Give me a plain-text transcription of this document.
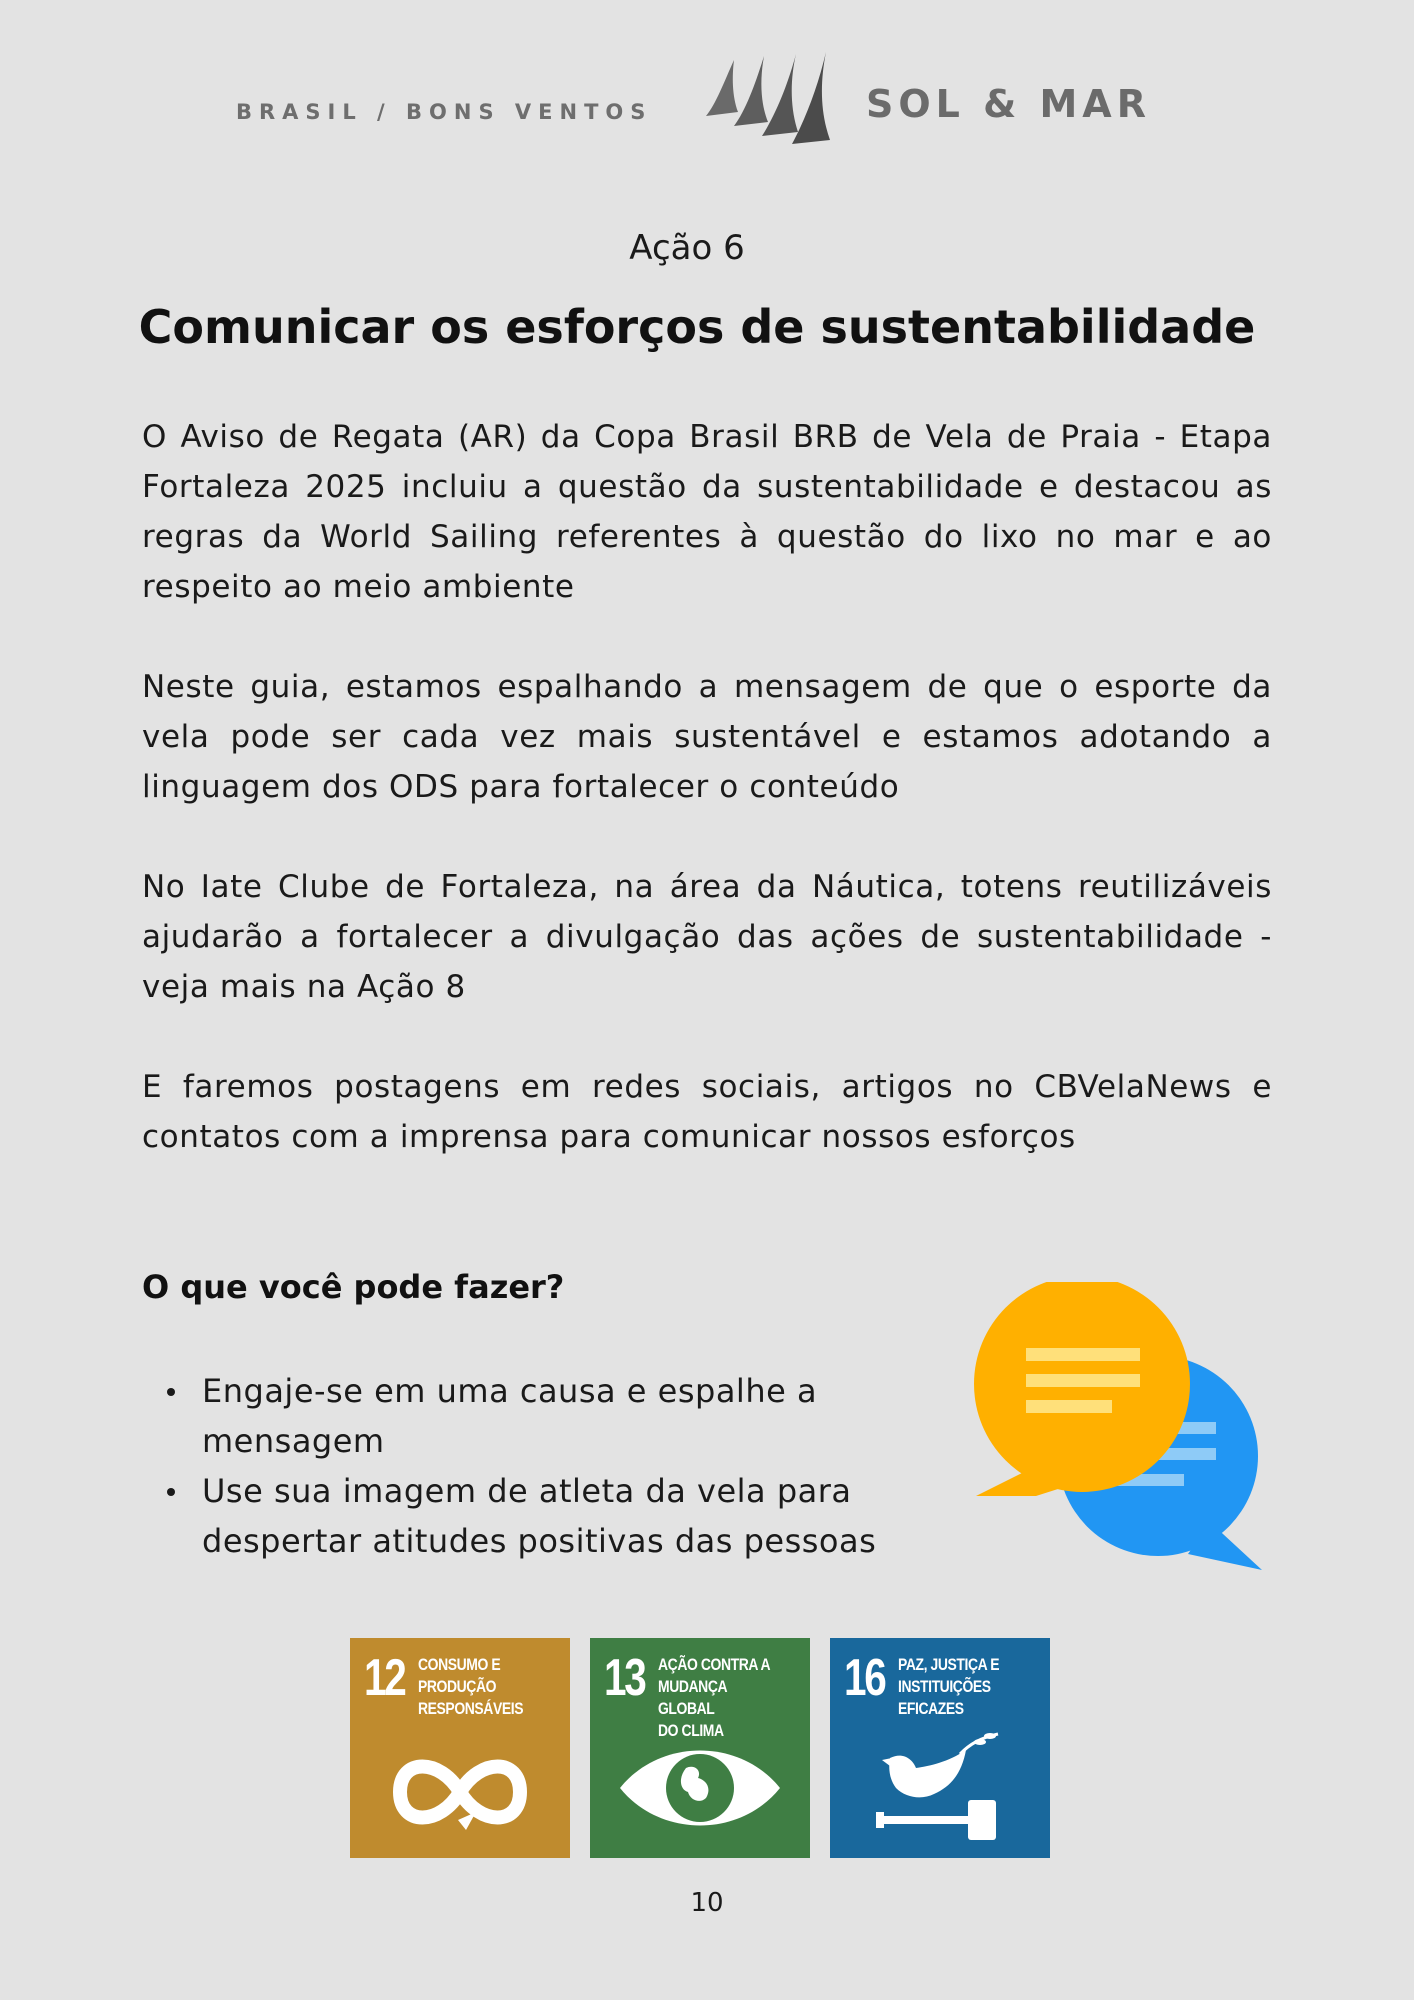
BRASIL / BONS VENTOS	SOL & MAR
Ação 6
Comunicar os esforços de sustentabilidade

O Aviso de Regata (AR) da Copa Brasil BRB de Vela de Praia - Etapa Fortaleza 2025 incluiu a questão da sustentabilidade e destacou as regras da World Sailing referentes à questão do lixo no mar e ao respeito ao meio ambiente

Neste guia, estamos espalhando a mensagem de que o esporte da vela pode ser cada vez mais sustentável e estamos adotando a linguagem dos ODS para fortalecer o conteúdo

No Iate Clube de Fortaleza, na área da Náutica, totens reutilizáveis ajudarão a fortalecer a divulgação das ações de sustentabilidade - veja mais na Ação 8

E faremos postagens em redes sociais, artigos no CBVelaNews e contatos com a imprensa para comunicar nossos esforços

O que você pode fazer?
Engaje-se em uma causa e espalhe a mensagem
Use sua imagem de atleta da vela para despertar atitudes positivas das pessoas
12 CONSUMO E
PRODUÇÃO
RESPONSÁVEIS
13 AÇÃO CONTRA A
MUDANÇA GLOBAL
DO CLIMA
16 PAZ, JUSTIÇA E
INSTITUIÇÕES
EFICAZES
10
